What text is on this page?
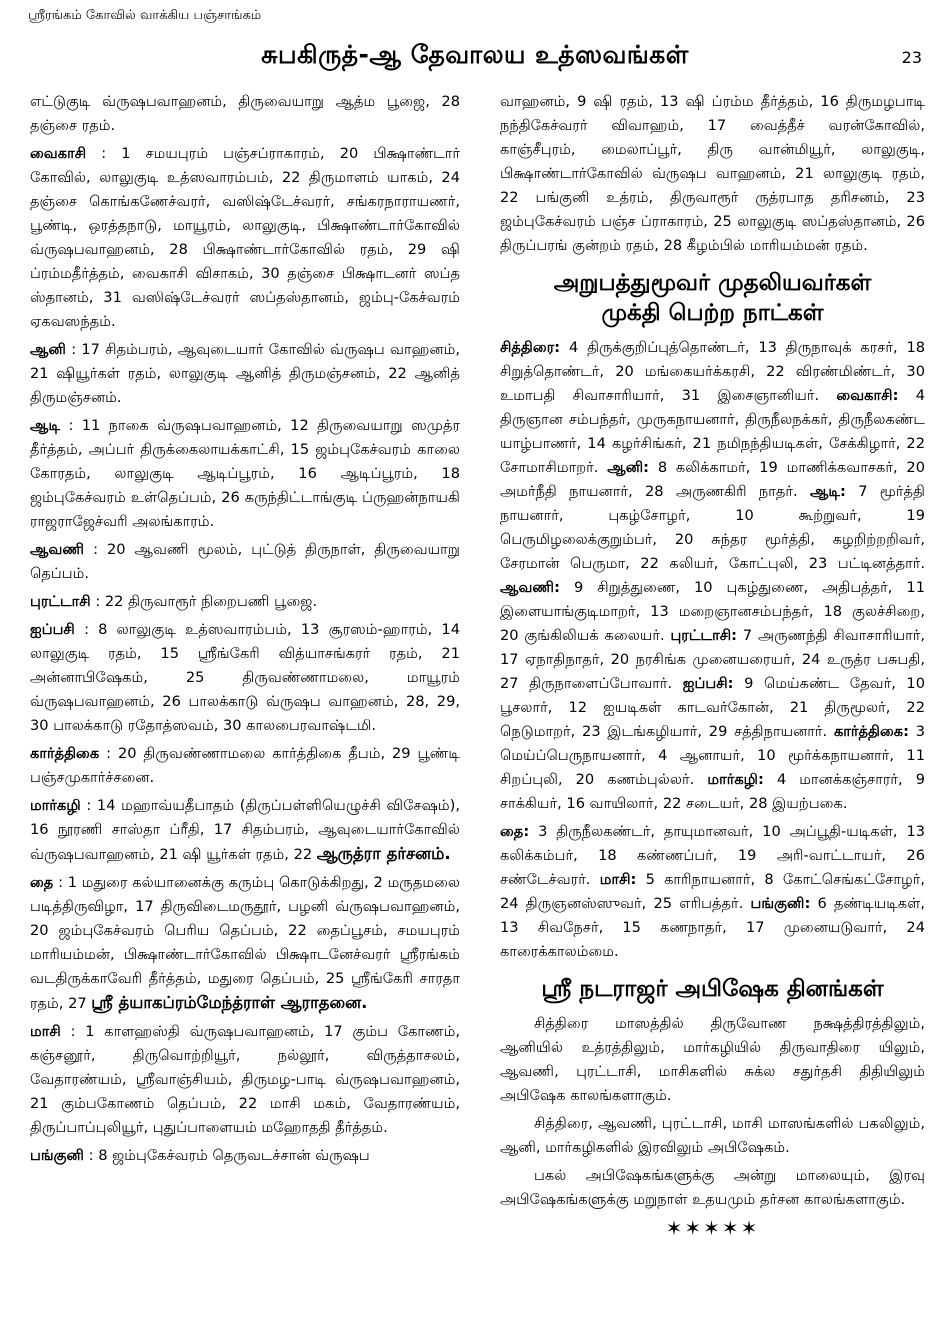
ஸ்ரீரங்கம் கோவில் வாக்கிய பஞ்சாங்கம்
சுபகிருத்-ஆ தேவாலய உத்ஸவங்கள்	23

எட்டுகுடி வ்ருஷபவாஹனம், திருவையாறு ஆத்ம பூஜை, 28 தஞ்சை ரதம்.

வைகாசி : 1 சமயபுரம் பஞ்சப்ராகாரம், 20 பிக்ஷாண்டார் கோவில், லாலுகுடி உத்ஸவாரம்பம், 22 திருமாளம் யாகம், 24 தஞ்சை கொங்கணேச்வரர், வஸிஷ்டேச்வரர், சங்கரநாராயணர், பூண்டி, ஒரத்தநாடு, மாயூரம், லாலுகுடி, பிக்ஷாண்டார்கோவில் வ்ருஷபவாஹனம், 28 பிக்ஷாண்டார்கோவில் ரதம், 29 ஷி ப்ரம்மதீர்த்தம், வைகாசி விசாகம், 30 தஞ்சை பிக்ஷாடனர் ஸப்த ஸ்தானம், 31 வஸிஷ்டேச்வரர் ஸப்தஸ்தானம், ஜம்பு-கேச்வரம் ஏகவஸந்தம்.

ஆனி : 17 சிதம்பரம், ஆவுடையார் கோவில் வ்ருஷப வாஹனம், 21 ஷியூர்கள் ரதம், லாலுகுடி ஆனித் திருமஞ்சனம், 22 ஆனித் திருமஞ்சனம்.

ஆடி : 11 நாகை வ்ருஷபவாஹனம், 12 திருவையாறு ஸமுத்ர தீர்த்தம், அப்பர் திருக்கைலாயக்காட்சி, 15 ஜம்புகேச்வரம் காலை கோரதம், லாலுகுடி ஆடிப்பூரம், 16 ஆடிப்பூரம், 18 ஜம்புகேச்வரம் உள்தெப்பம், 26 கருந்திட்டாங்குடி ப்ருஹன்நாயகி ராஜராஜேச்வரி அலங்காரம்.

ஆவணி : 20 ஆவணி மூலம், புட்டுத் திருநாள், திருவையாறு தெப்பம்.

புரட்டாசி : 22 திருவாரூர் நிறைபணி பூஜை.

ஐப்பசி : 8 லாலுகுடி உத்ஸவாரம்பம், 13 சூரஸம்-ஹாரம், 14 லாலுகுடி ரதம், 15 ஸ்ரீங்கேரி வித்யாசங்கரர் ரதம், 21 அன்னாபிஷேகம், 25 திருவண்ணாமலை, மாயூரம் வ்ருஷபவாஹனம், 26 பாலக்காடு வ்ருஷப வாஹனம், 28, 29, 30 பாலக்காடு ரதோத்ஸவம், 30 காலபைரவாஷ்டமி.

கார்த்திகை : 20 திருவண்ணாமலை கார்த்திகை தீபம், 29 பூண்டி பஞ்சமுகார்ச்சனை.

மார்கழி : 14 மஹாவ்யதீபாதம் (திருப்பள்ளியெழுச்சி விசேஷம்), 16 நூரணி சாஸ்தா ப்ரீதி, 17 சிதம்பரம், ஆவுடையார்கோவில் வ்ருஷபவாஹனம், 21 ஷி யூர்கள் ரதம், 22 ஆருத்ரா தர்சனம்.

தை : 1 மதுரை கல்யானைக்கு கரும்பு கொடுக்கிறது, 2 மருதமலை படித்திருவிழா, 17 திருவிடைமருதூர், பழனி வ்ருஷபவாஹனம், 20 ஜம்புகேச்வரம் பெரிய தெப்பம், 22 தைப்பூசம், சமயபுரம் மாரியம்மன், பிக்ஷாண்டார்கோவில் பிக்ஷாடனேச்வரர் ஸ்ரீரங்கம் வடதிருக்காவேரி தீர்த்தம், மதுரை தெப்பம், 25 ஸ்ரீங்கேரி சாரதா ரதம், 27 ஸ்ரீ த்யாகப்ரம்மேந்த்ராள் ஆராதனை.

மாசி : 1 காளஹஸ்தி வ்ருஷபவாஹனம், 17 கும்ப கோணம், கஞ்சனூர், திருவொற்றியூர், நல்லூர், விருத்தாசலம், வேதாரண்யம், ஸ்ரீவாஞ்சியம், திருமழ-பாடி வ்ருஷபவாஹனம், 21 கும்பகோணம் தெப்பம், 22 மாசி மகம், வேதாரண்யம், திருப்பாப்புலியூர், புதுப்பாளையம் மஹோததி தீர்த்தம்.

பங்குனி : 8 ஜம்புகேச்வரம் தெருவடச்சான் வ்ருஷப

வாஹனம், 9 ஷி ரதம், 13 ஷி ப்ரம்ம தீர்த்தம், 16 திருமழபாடி நந்திகேச்வரர் விவாஹம், 17 வைத்தீச் வரன்கோவில், காஞ்சீபுரம், மைலாப்பூர், திரு வான்மியூர், லாலுகுடி, பிக்ஷாண்டார்கோவில் வ்ருஷப வாஹனம், 21 லாலுகுடி ரதம், 22 பங்குனி உத்ரம், திருவாரூர் ருத்ரபாத தரிசனம், 23 ஜம்புகேச்வரம் பஞ்ச ப்ராகாரம், 25 லாலுகுடி ஸப்தஸ்தானம், 26 திருப்பரங் குன்றம் ரதம், 28 கீழம்பில் மாரியம்மன் ரதம்.

அறுபத்துமூவர் முதலியவர்கள்
முக்தி பெற்ற நாட்கள்

சித்திரை: 4 திருக்குறிப்புத்தொண்டர், 13 திருநாவுக் கரசர், 18 சிறுத்தொண்டர், 20 மங்கையர்க்கரசி, 22 விரண்மிண்டர், 30 உமாபதி சிவாசாரியார், 31 இசைஞானியர். வைகாசி: 4 திருஞான சம்பந்தர், முருகநாயனார், திருநீலநக்கர், திருநீலகண்ட யாழ்பாணர், 14 கழர்சிங்கர், 21 நமிநந்தியடிகள், சேக்கிழார், 22 சோமாசிமாறர். ஆனி: 8 கலிக்காமர், 19 மாணிக்கவாசகர், 20 அமர்நீதி நாயனார், 28 அருணகிரி நாதர். ஆடி: 7 மூர்த்தி நாயனார், புகழ்சோழர், 10 கூற்றுவர், 19 பெருமிழலைக்குறும்பர், 20 சுந்தர மூர்த்தி, கழறிற்றறிவர், சேரமான் பெருமா, 22 கலியர், கோட்புலி, 23 பட்டினத்தார். ஆவணி: 9 சிறுத்துணை, 10 புகழ்துணை, அதிபத்தர், 11 இளையாங்குடிமாறர், 13 மறைஞானசம்பந்தர், 18 குலச்சிறை, 20 குங்கிலியக் கலையர். புரட்டாசி: 7 அருணந்தி சிவாசாரியார், 17 ஏநாதிநாதர், 20 நரசிங்க முனையரையர், 24 உருத்ர பசுபதி, 27 திருநாளைப்போவார். ஐப்பசி: 9 மெய்கண்ட தேவர், 10 பூசலார், 12 ஐயடிகள் காடவர்கோன், 21 திருமூலர், 22 நெடுமாறர், 23 இடங்கழியார், 29 சத்திநாயனார். கார்த்திகை: 3 மெய்ப்பெருநாயனார், 4 ஆனாயர், 10 மூர்க்கநாயனார், 11 சிறப்புலி, 20 கணம்புல்லர். மார்கழி: 4 மானக்கஞ்சாரர், 9 சாக்கியர், 16 வாயிலார், 22 சடையர், 28 இயற்பகை.

தை: 3 திருநீலகண்டர், தாயுமானவர், 10 அப்பூதி-யடிகள், 13 கலிக்கம்பர், 18 கண்ணப்பர், 19 அரி-வாட்டாயர், 26 சண்டேச்வரர். மாசி: 5 காரிநாயனார், 8 கோட்செங்கட்சோழர், 24 திருஞனஸ்ஸுவர், 25 எரிபத்தர். பங்குனி: 6 தண்டியடிகள், 13 சிவநேசர், 15 கணநாதர், 17 முனையடுவார், 24 காரைக்காலம்மை.

ஸ்ரீ நடராஜர் அபிஷேக தினங்கள்

சித்திரை மாஸத்தில் திருவோண நக்ஷத்திரத்திலும், ஆனியில் உத்ரத்திலும், மார்கழியில் திருவாதிரை யிலும், ஆவணி, புரட்டாசி, மாசிகளில் சுக்ல சதுர்தசி திதியிலும் அபிஷேக காலங்களாகும்.

சித்திரை, ஆவணி, புரட்டாசி, மாசி மாஸங்களில் பகலிலும், ஆனி, மார்கழிகளில் இரவிலும் அபிஷேகம்.

பகல் அபிஷேகங்களுக்கு அன்று மாலையும், இரவு அபிஷேகங்களுக்கு மறுநாள் உதயமும் தர்சன காலங்களாகும்.

✶✶✶✶✶
